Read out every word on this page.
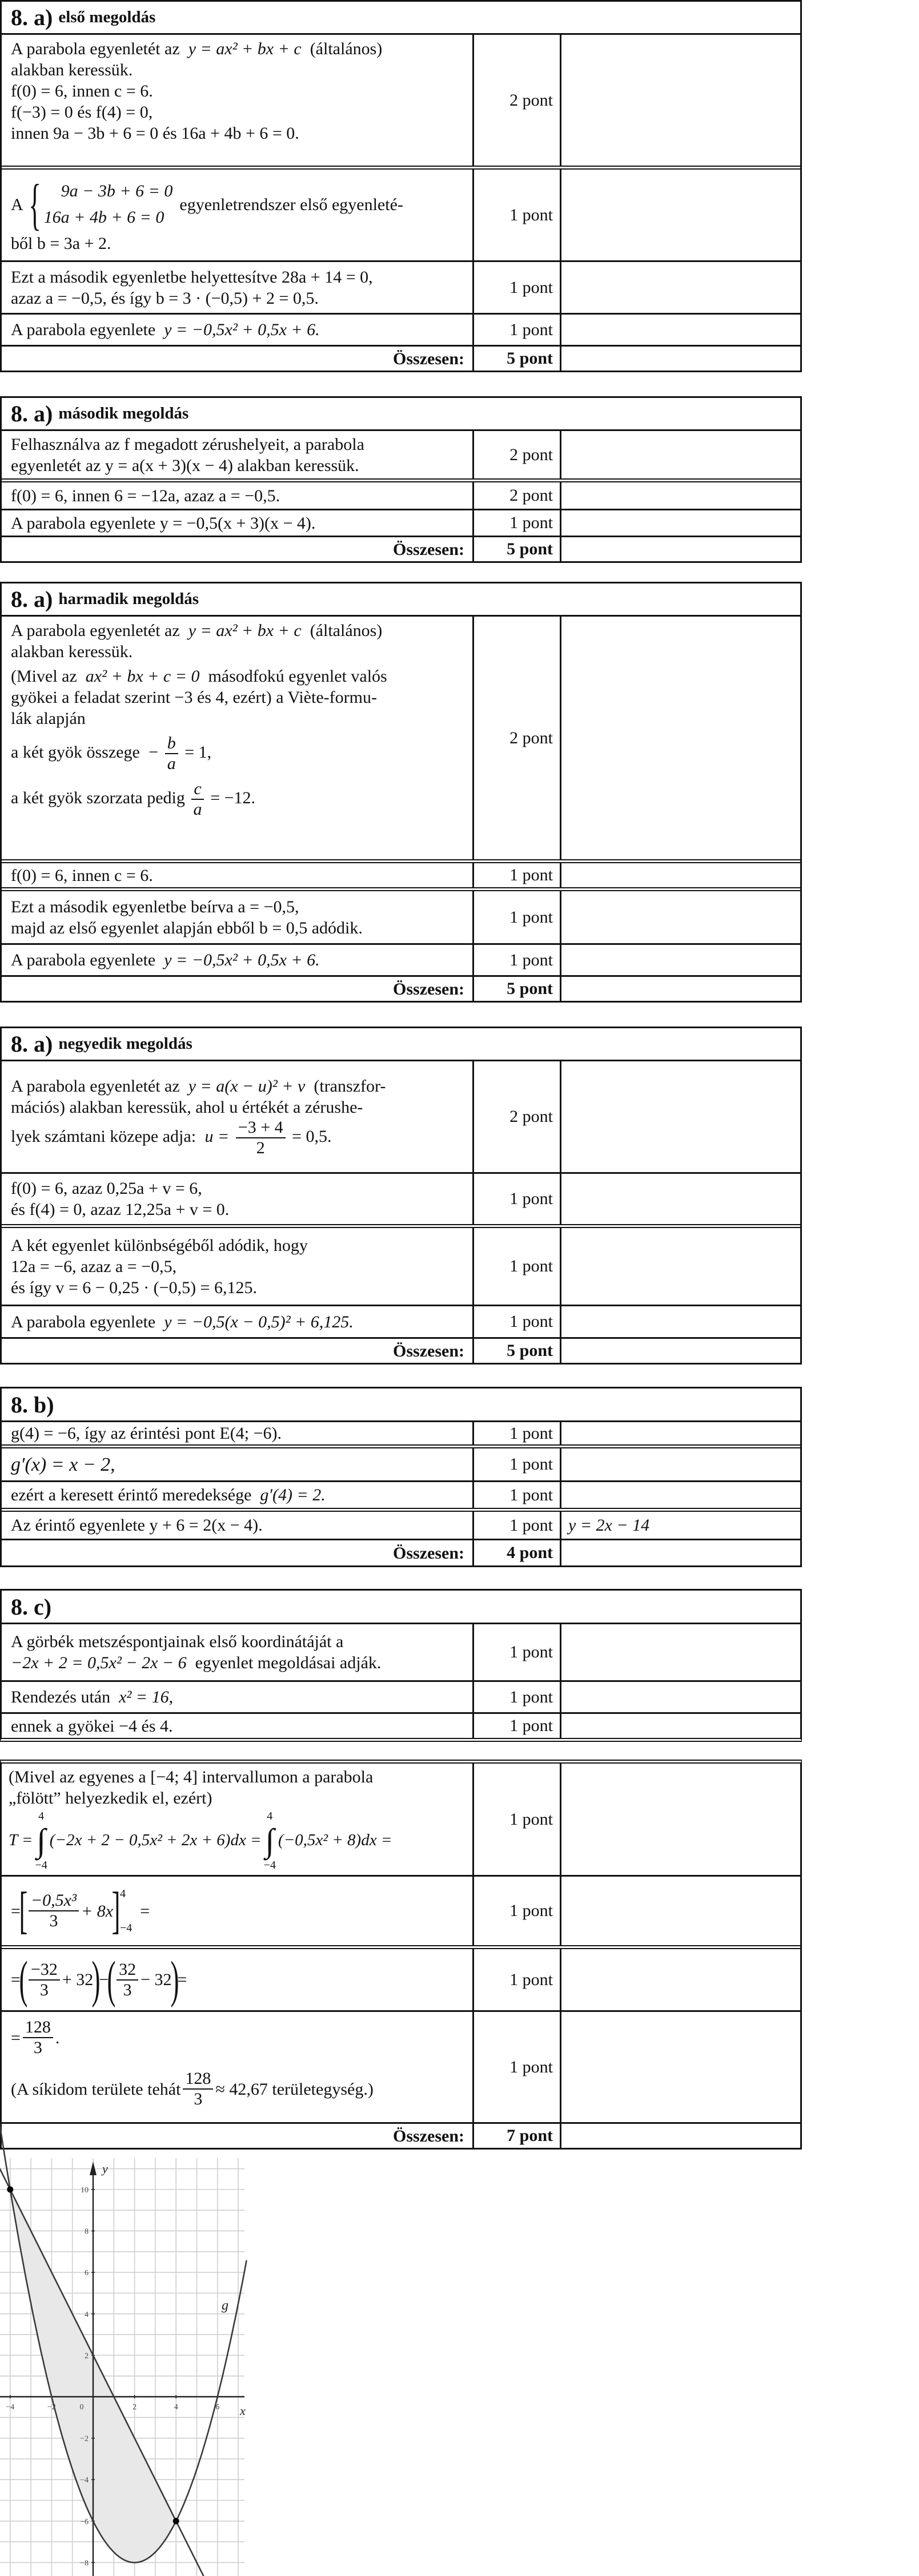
8. a) első megoldás
A parabola egyenletét az y = ax² + bx + c (általános)
alakban keressük.
f(0) = 6, innen c = 6.
f(−3) = 0 és f(4) = 0,
innen 9a − 3b + 6 = 0 és 16a + 4b + 6 = 0.
2 pont
A {	9a − 3b + 6 = 0
16a + 4b + 6 = 0
egyenletrendszer első egyenleté-
ből b = 3a + 2.
1 pont
Ezt a második egyenletbe helyettesítve 28a + 14 = 0,
azaz a = −0,5, és így b = 3 · (−0,5) + 2 = 0,5.
1 pont
A parabola egyenlete y = −0,5x² + 0,5x + 6.	1 pont
Összesen:	5 pont
8. a) második megoldás
Felhasználva az f megadott zérushelyeit, a parabola
egyenletét az y = a(x + 3)(x − 4) alakban keressük.
2 pont
f(0) = 6, innen 6 = −12a, azaz a = −0,5.	2 pont
A parabola egyenlete y = −0,5(x + 3)(x − 4).	1 pont
Összesen:	5 pont
8. a) harmadik megoldás
A parabola egyenletét az y = ax² + bx + c (általános)
alakban keressük.
(Mivel az ax² + bx + c = 0 másodfokú egyenlet valós
gyökei a feladat szerint −3 és 4, ezért) a Viète-formu-
lák alapján
a két gyök összege − $\frac{b}{a} = 1$,
a két gyök szorzata pedig $\frac{c}{a} = -12$.
2 pont
f(0) = 6, innen c = 6.	1 pont
Ezt a második egyenletbe beírva a = −0,5,
majd az első egyenlet alapján ebből b = 0,5 adódik.
1 pont
A parabola egyenlete y = −0,5x² + 0,5x + 6.	1 pont
Összesen:	5 pont
8. a) negyedik megoldás
A parabola egyenletét az y = a(x − u)² + v (transzfor-
mációs) alakban keressük, ahol u értékét a zérushe-
lyek számtani közepe adja: $u = \frac{-3 + 4}{2} = 0,5$.
2 pont
f(0) = 6, azaz 0,25a + v = 6,
és f(4) = 0, azaz 12,25a + v = 0.
1 pont
A két egyenlet különbségéből adódik, hogy
12a = −6, azaz a = −0,5,
és így v = 6 − 0,25 · (−0,5) = 6,125.
1 pont
A parabola egyenlete y = −0,5(x − 0,5)² + 6,125.	1 pont
Összesen:	5 pont
8. b)
g(4) = −6, így az érintési pont E(4; −6).	1 pont
g′(x) = x − 2,	1 pont
ezért a keresett érintő meredeksége g′(4) = 2.	1 pont
Az érintő egyenlete y + 6 = 2(x − 4).	1 pont y = 2x − 14
Összesen:	4 pont
8. c)
A görbék metszéspontjainak első koordinátáját a
−2x + 2 = 0,5x² − 2x − 6 egyenlet megoldásai adják.
1 pont
Rendezés után x² = 16,	1 pont
ennek a gyökei −4 és 4.	1 pont
(Mivel az egyenes a [−4; 4] intervallumon a parabola
„fölött” helyezkedik el, ezért)
T =
4
∫
−4
(−2x + 2 − 0,5x² + 2x + 6)dx =
4
∫
−4
(−0,5x² + 8)dx =
1 pont
=
[ $\frac{\text{−0,5x³}}{3} + 8x$
] 4
−4
=	1 pont
=
( $\frac{-32}{3} + 32$
)
−
( $\frac{32}{3} - 32$
)
=	1 pont
= $\frac{128}{3}$ .
(A síkidom területe tehát $\frac{128}{3} \approx 42,67$ területegység.)
1 pont
Összesen:	7 pont
−4	−2	0	2	4	6
10
8
6
4
2
−2
−4
−6
−8
g
y
x
